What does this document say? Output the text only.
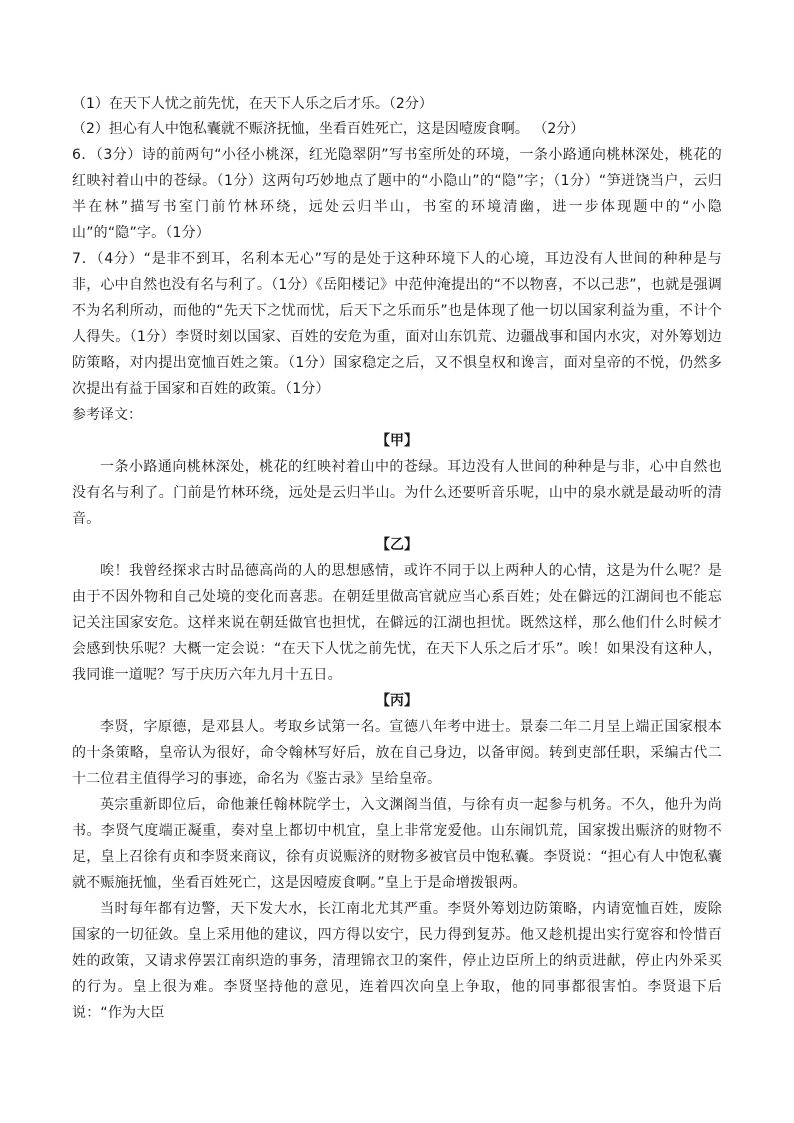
（1）在天下人忧之前先忧，在天下人乐之后才乐。（2分）
（2）担心有人中饱私囊就不赈济抚恤，坐看百姓死亡，这是因噎废食啊。 （2分）
6．（3分）诗的前两句“小径小桃深，红光隐翠阴”写书室所处的环境，一条小路通向桃林深处，桃花的红映衬着山中的苍绿。（1分）这两句巧妙地点了题中的“小隐山”的“隐”字；（1分）“笋迸饶当户，云归半在林”描写书室门前竹林环绕，远处云归半山，书室的环境清幽，进一步体现题中的“小隐山”的“隐”字。（1分）
7．（4分）“是非不到耳，名利本无心”写的是处于这种环境下人的心境，耳边没有人世间的种种是与非，心中自然也没有名与利了。（1分）《岳阳楼记》中范仲淹提出的“不以物喜，不以己悲”，也就是强调不为名利所动，而他的“先天下之忧而忧，后天下之乐而乐”也是体现了他一切以国家利益为重，不计个人得失。（1分）李贤时刻以国家、百姓的安危为重，面对山东饥荒、边疆战事和国内水灾，对外筹划边防策略，对内提出宽恤百姓之策。（1分）国家稳定之后，又不惧皇权和谗言，面对皇帝的不悦，仍然多次提出有益于国家和百姓的政策。（1分）
参考译文：
【甲】
一条小路通向桃林深处，桃花的红映衬着山中的苍绿。耳边没有人世间的种种是与非，心中自然也没有名与利了。门前是竹林环绕，远处是云归半山。为什么还要听音乐呢，山中的泉水就是最动听的清音。
【乙】
唉！我曾经探求古时品德高尚的人的思想感情，或许不同于以上两种人的心情，这是为什么呢？是由于不因外物和自己处境的变化而喜悲。在朝廷里做高官就应当心系百姓；处在僻远的江湖间也不能忘记关注国家安危。这样来说在朝廷做官也担忧，在僻远的江湖也担忧。既然这样，那么他们什么时候才会感到快乐呢？大概一定会说：“在天下人忧之前先忧，在天下人乐之后才乐”。唉！如果没有这种人，我同谁一道呢？写于庆历六年九月十五日。
【丙】
李贤，字原德，是邓县人。考取乡试第一名。宣德八年考中进士。景泰二年二月呈上端正国家根本的十条策略，皇帝认为很好，命令翰林写好后，放在自己身边，以备审阅。转到吏部任职，采编古代二十二位君主值得学习的事迹，命名为《鉴古录》呈给皇帝。
英宗重新即位后，命他兼任翰林院学士，入文渊阁当值，与徐有贞一起参与机务。不久，他升为尚书。李贤气度端正凝重，奏对皇上都切中机宜，皇上非常宠爱他。山东闹饥荒，国家拨出赈济的财物不足，皇上召徐有贞和李贤来商议，徐有贞说赈济的财物多被官员中饱私囊。李贤说：“担心有人中饱私囊就不赈施抚恤，坐看百姓死亡，这是因噎废食啊。”皇上于是命增拨银两。
当时每年都有边警，天下发大水，长江南北尤其严重。李贤外筹划边防策略，内请宽恤百姓，废除国家的一切征敛。皇上采用他的建议，四方得以安宁，民力得到复苏。他又趁机提出实行宽容和怜惜百姓的政策，又请求停罢江南织造的事务，清理锦衣卫的案件，停止边臣所上的纳贡进献，停止内外采买的行为。皇上很为难。李贤坚持他的意见，连着四次向皇上争取，他的同事都很害怕。李贤退下后说：“作为大臣
